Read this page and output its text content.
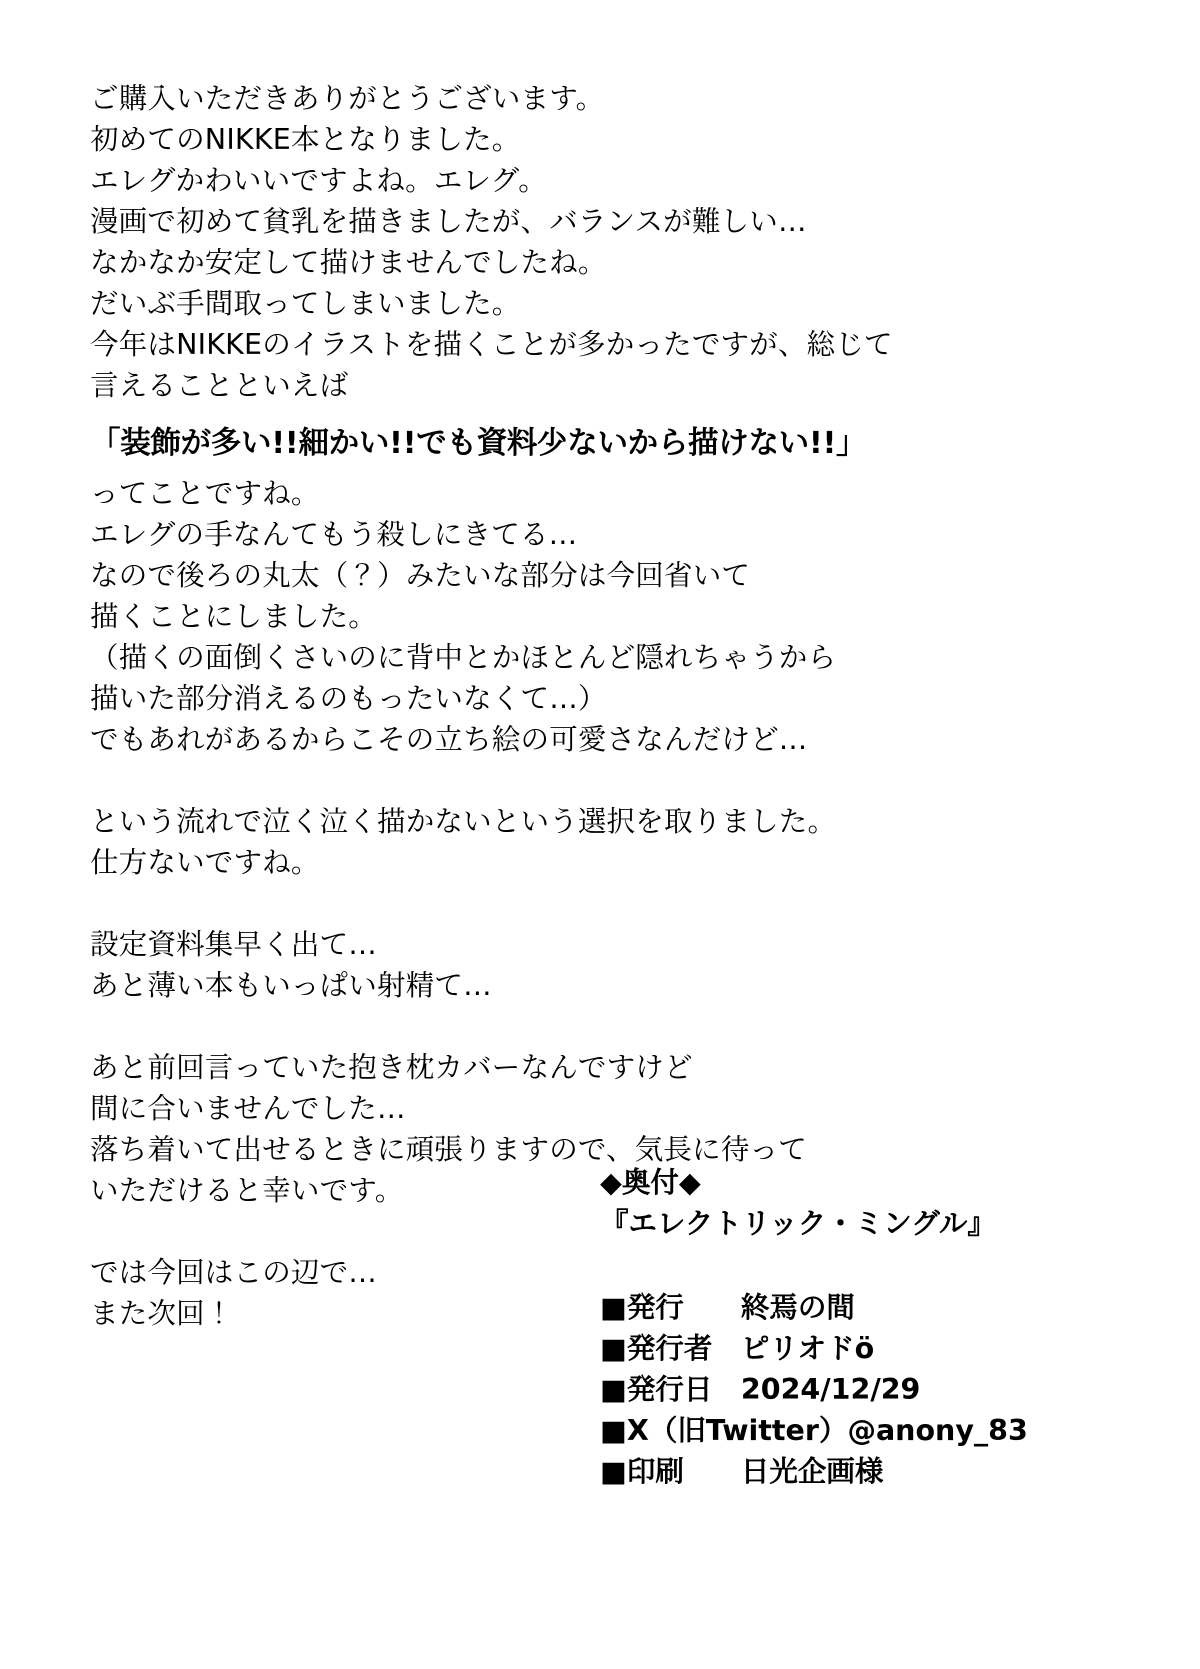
ご購入いただきありがとうございます。
初めてのNIKKE本となりました。
エレグかわいいですよね。エレグ。
漫画で初めて貧乳を描きましたが、バランスが難しい…
なかなか安定して描けませんでしたね。
だいぶ手間取ってしまいました。
今年はNIKKEのイラストを描くことが多かったですが、総じて
言えることといえば
「装飾が多い!!細かい!!でも資料少ないから描けない!!」
ってことですね。
エレグの手なんてもう殺しにきてる…
なので後ろの丸太（？）みたいな部分は今回省いて
描くことにしました。
（描くの面倒くさいのに背中とかほとんど隠れちゃうから
描いた部分消えるのもったいなくて…）
でもあれがあるからこその立ち絵の可愛さなんだけど…
という流れで泣く泣く描かないという選択を取りました。
仕方ないですね。
設定資料集早く出て…
あと薄い本もいっぱい射精て…
あと前回言っていた抱き枕カバーなんですけど
間に合いませんでした…
落ち着いて出せるときに頑張りますので、気長に待って
いただけると幸いです。
では今回はこの辺で…
また次回！
◆奥付◆
『エレクトリック・ミングル』
■発行　　終焉の間
■発行者　ピリオドö
■発行日　2024/12/29
■X（旧Twitter）@anony_83
■印刷　　日光企画様
